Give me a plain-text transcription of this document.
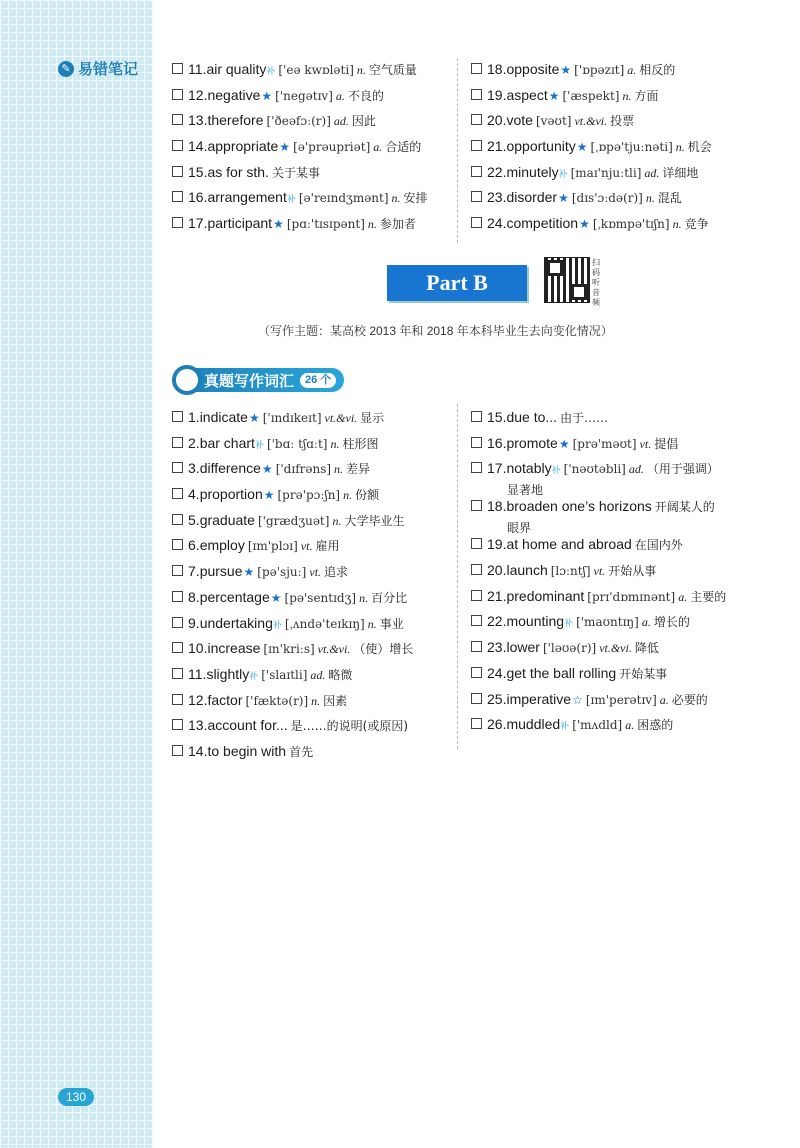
✎ 易错笔记
130
11. air quality 补 ['eə kwɒləti] n. 空气质量
12. negative ★ ['negətɪv] a. 不良的
13. therefore ['ðeəfɔː(r)] ad. 因此
14. appropriate ★ [ə'prəupriət] a. 合适的
15. as for sth. 关于某事
16. arrangement 补 [ə'reɪndʒmənt] n. 安排
17. participant ★ [pɑː'tɪsɪpənt] n. 参加者
18. opposite ★ ['ɒpəzɪt] a. 相反的
19. aspect ★ ['æspekt] n. 方面
20. vote [vəʊt] vt.&vi. 投票
21. opportunity ★ [ˌɒpə'tjuːnəti] n. 机会
22. minutely 补 [maɪ'njuːtli] ad. 详细地
23. disorder ★ [dɪs'ɔːdə(r)] n. 混乱
24. competition ★ [ˌkɒmpə'tɪʃn] n. 竞争
Part B
扫码听音频
（写作主题：某高校 2013 年和 2018 年本科毕业生去向变化情况）
真题写作词汇	26 个
1. indicate ★ ['ɪndɪkeɪt] vt.&vi. 显示
2. bar chart 补 ['bɑː tʃɑːt] n. 柱形图
3. difference ★ ['dɪfrəns] n. 差异
4. proportion ★ [prə'pɔːʃn] n. 份额
5. graduate ['grædʒuət] n. 大学毕业生
6. employ [ɪm'plɔɪ] vt. 雇用
7. pursue ★ [pə'sjuː] vt. 追求
8. percentage ★ [pə'sentɪdʒ] n. 百分比
9. undertaking 补 [ˌʌndə'teɪkɪŋ] n. 事业
10. increase [ɪn'kriːs] vt.&vi. （使）增长
11. slightly 补 ['slaɪtli] ad. 略微
12. factor ['fæktə(r)] n. 因素
13. account for... 是……的说明(或原因)
14. to begin with 首先
15. due to... 由于……
16. promote ★ [prə'məʊt] vt. 提倡
17. notably 补 ['nəʊtəbli] ad. （用于强调）
显著地
18. broaden one’s horizons 开阔某人的
眼界
19. at home and abroad 在国内外
20. launch [lɔːntʃ] vt. 开始从事
21. predominant [prɪ'dɒmɪnənt] a. 主要的
22. mounting 补 ['maʊntɪŋ] a. 增长的
23. lower ['ləʊə(r)] vt.&vi. 降低
24. get the ball rolling 开始某事
25. imperative ☆ [ɪm'perətɪv] a. 必要的
26. muddled 补 ['mʌdld] a. 困惑的
